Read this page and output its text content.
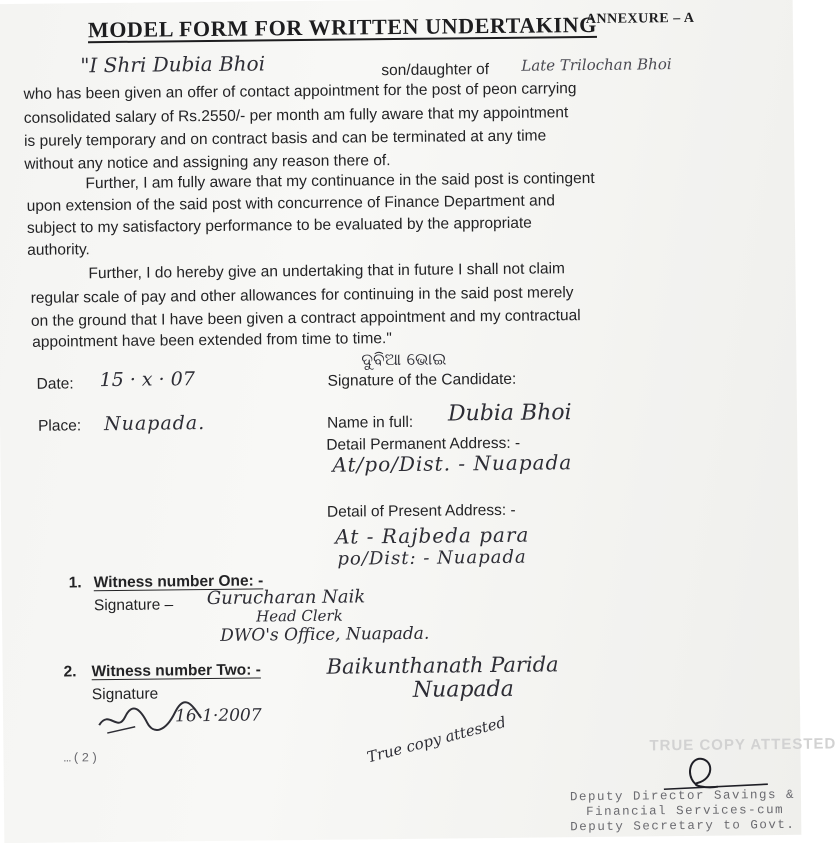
ANNEXURE – A
MODEL FORM FOR WRITTEN UNDERTAKING
"I Shri Dubia Bhoi	son/daughter of Late Trilochan Bhoi
who has been given an offer of contact appointment for the post of peon carrying
consolidated salary of Rs.2550/- per month am fully aware that my appointment
is purely temporary and on contract basis and can be terminated at any time
without any notice and assigning any reason there of.
Further, I am fully aware that my continuance in the said post is contingent
upon extension of the said post with concurrence of Finance Department and
subject to my satisfactory performance to be evaluated by the appropriate
authority.
Further, I do hereby give an undertaking that in future I shall not claim
regular scale of pay and other allowances for continuing in the said post merely
on the ground that I have been given a contract appointment and my contractual
appointment have been extended from time to time."
ଦୁବିଆ ଭୋଇ
Date: 15 · x · 07	Signature of the Candidate:
Place: Nuapada.	Name in full: Dubia Bhoi
Detail Permanent Address: -
At/po/Dist. - Nuapada
Detail of Present Address: -
At - Rajbeda para
po/Dist: - Nuapada
1. Witness number One: -
Signature – Gurucharan Naik
Head Clerk
DWO's Office, Nuapada.
2. Witness number Two: -
Signature
Baikunthanath Parida
Nuapada
16·1·2007
…(2)	True copy attested	TRUE COPY ATTESTED
Deputy Director Savings &
Financial Services-cum
Deputy Secretary to Govt.
